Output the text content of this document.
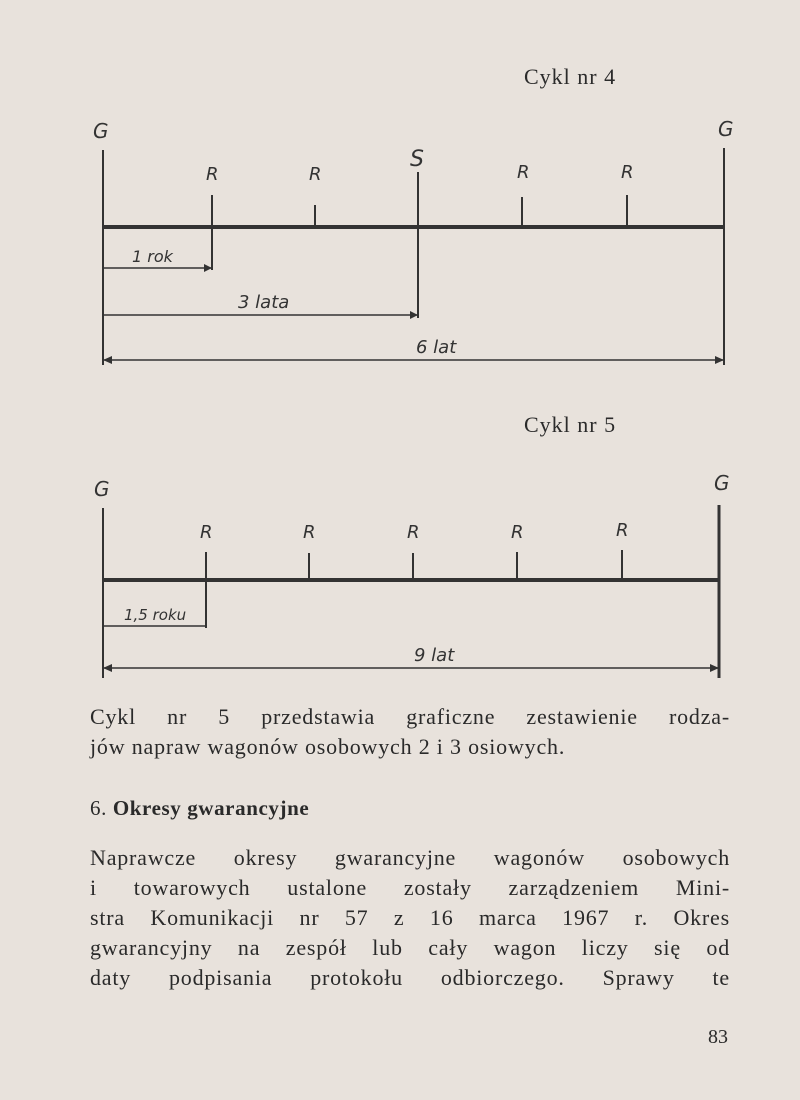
Cykl nr 4
G	G
S
R	R	R	R
1 rok
3 lata
6 lat
Cykl nr 5
G	G
R	R	R	R	R
1,5 roku
9 lat
Cykl nr 5 przedstawia graficzne zestawienie rodza-
jów napraw wagonów osobowych 2 i 3 osiowych.
6. Okresy gwarancyjne
Naprawcze okresy gwarancyjne wagonów osobowych
i towarowych ustalone zostały zarządzeniem Mini-
stra Komunikacji nr 57 z 16 marca 1967 r. Okres
gwarancyjny na zespół lub cały wagon liczy się od
daty podpisania protokołu odbiorczego. Sprawy te
83
